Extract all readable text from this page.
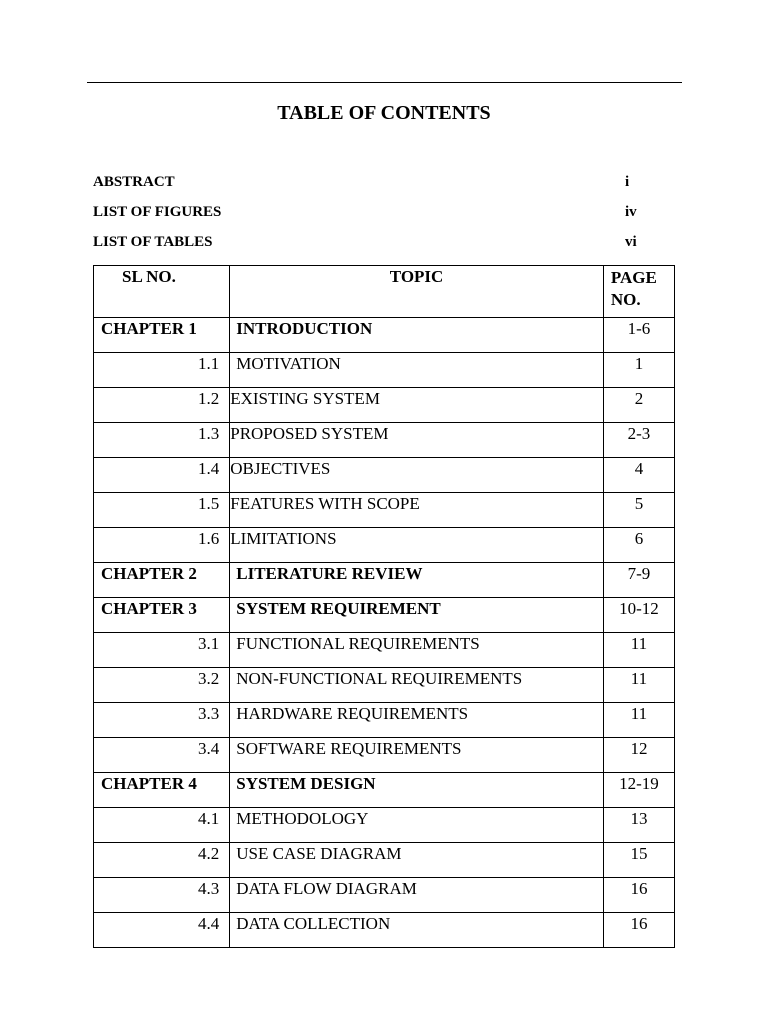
TABLE OF CONTENTS
ABSTRACT	i
LIST OF FIGURES	iv
LIST OF TABLES	vi
SL NO.	TOPIC	PAGE NO.
CHAPTER 1	INTRODUCTION	1-6
1.1	MOTIVATION	1
1.2	EXISTING SYSTEM	2
1.3	PROPOSED SYSTEM	2-3
1.4	OBJECTIVES	4
1.5	FEATURES WITH SCOPE	5
1.6	LIMITATIONS	6
CHAPTER 2	LITERATURE REVIEW	7-9
CHAPTER 3	SYSTEM REQUIREMENT	10-12
3.1	FUNCTIONAL REQUIREMENTS	11
3.2	NON-FUNCTIONAL REQUIREMENTS	11
3.3	HARDWARE REQUIREMENTS	11
3.4	SOFTWARE REQUIREMENTS	12
CHAPTER 4	SYSTEM DESIGN	12-19
4.1	METHODOLOGY	13
4.2	USE CASE DIAGRAM	15
4.3	DATA FLOW DIAGRAM	16
4.4	DATA COLLECTION	16
